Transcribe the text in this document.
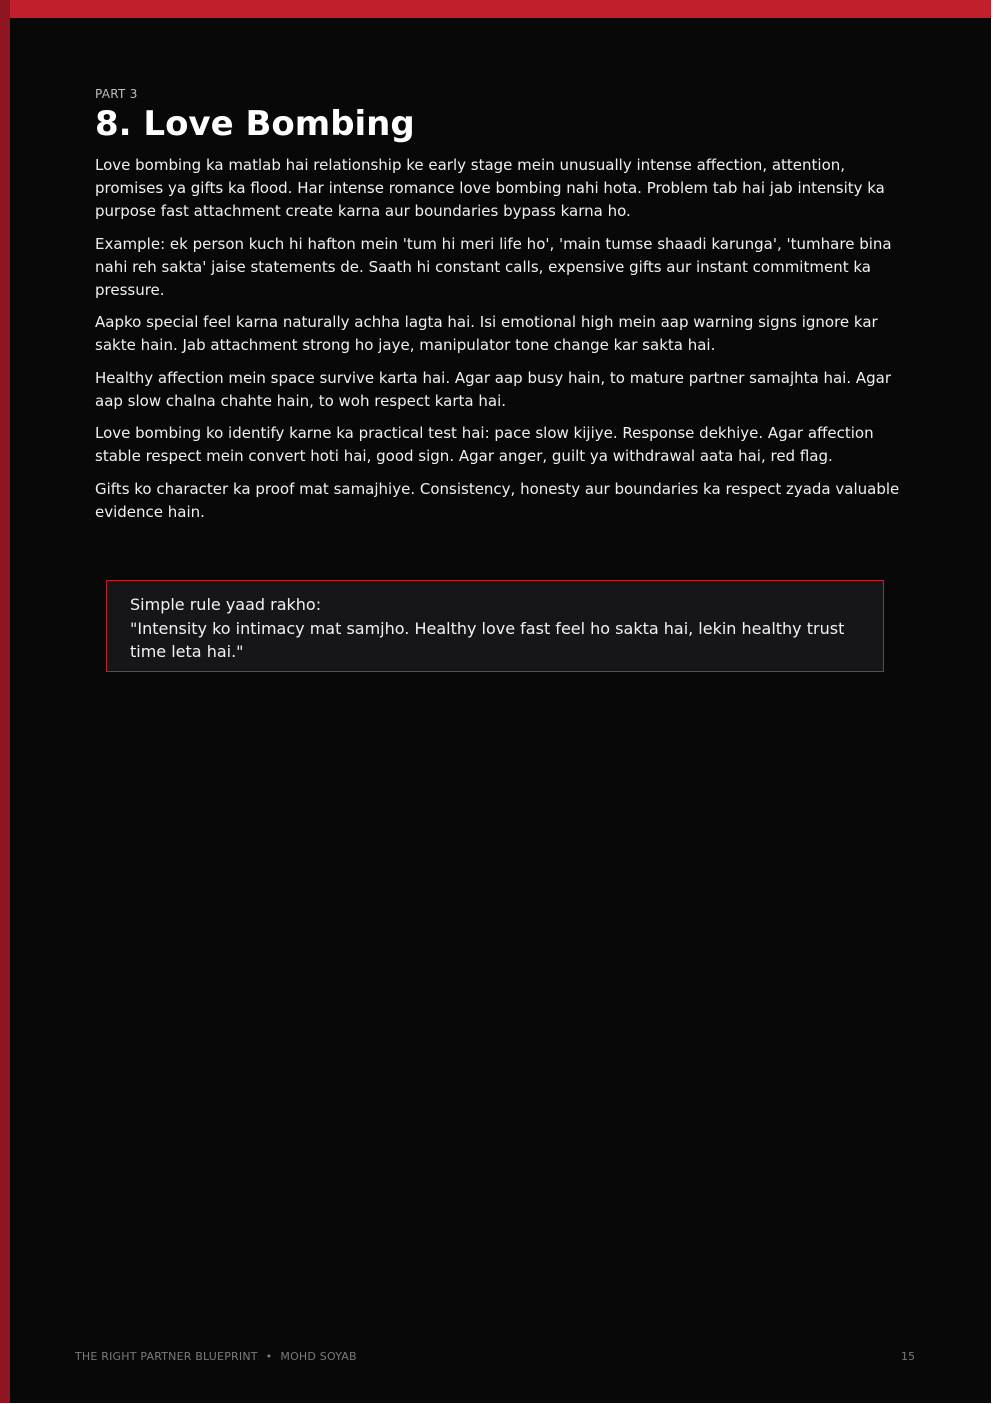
PART 3

8. Love Bombing

Love bombing ka matlab hai relationship ke early stage mein unusually intense affection, attention, promises ya gifts ka flood. Har intense romance love bombing nahi hota. Problem tab hai jab intensity ka purpose fast attachment create karna aur boundaries bypass karna ho.

Example: ek person kuch hi hafton mein 'tum hi meri life ho', 'main tumse shaadi karunga', 'tumhare bina nahi reh sakta' jaise statements de. Saath hi constant calls, expensive gifts aur instant commitment ka pressure.

Aapko special feel karna naturally achha lagta hai. Isi emotional high mein aap warning signs ignore kar sakte hain. Jab attachment strong ho jaye, manipulator tone change kar sakta hai.

Healthy affection mein space survive karta hai. Agar aap busy hain, to mature partner samajhta hai. Agar aap slow chalna chahte hain, to woh respect karta hai.

Love bombing ko identify karne ka practical test hai: pace slow kijiye. Response dekhiye. Agar affection stable respect mein convert hoti hai, good sign. Agar anger, guilt ya withdrawal aata hai, red flag.

Gifts ko character ka proof mat samajhiye. Consistency, honesty aur boundaries ka respect zyada valuable evidence hain.

Simple rule yaad rakho:
"Intensity ko intimacy mat samjho. Healthy love fast feel ho sakta hai, lekin healthy trust time leta hai."
THE RIGHT PARTNER BLUEPRINT • MOHD SOYAB	15
